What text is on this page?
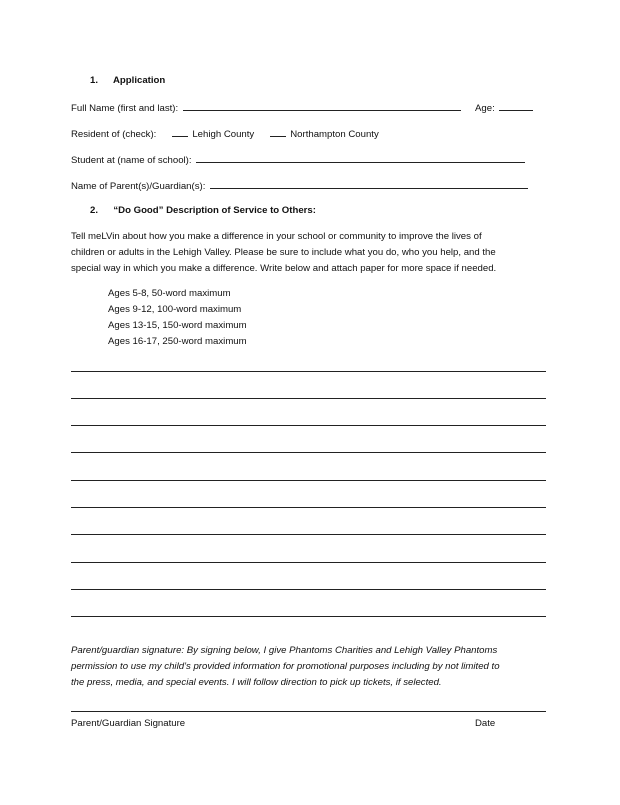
1. Application
Full Name (first and last):	Age:
Resident of (check):	Lehigh County	Northampton County
Student at (name of school):
Name of Parent(s)/Guardian(s):
2. “Do Good” Description of Service to Others:
Tell meLVin about how you make a difference in your school or community to improve the lives of
children or adults in the Lehigh Valley. Please be sure to include what you do, who you help, and the
special way in which you make a difference. Write below and attach paper for more space if needed.
Ages 5-8, 50-word maximum
Ages 9-12, 100-word maximum
Ages 13-15, 150-word maximum
Ages 16-17, 250-word maximum
Parent/guardian signature: By signing below, I give Phantoms Charities and Lehigh Valley Phantoms
permission to use my child’s provided information for promotional purposes including by not limited to
the press, media, and special events. I will follow direction to pick up tickets, if selected.
Parent/Guardian Signature	Date
